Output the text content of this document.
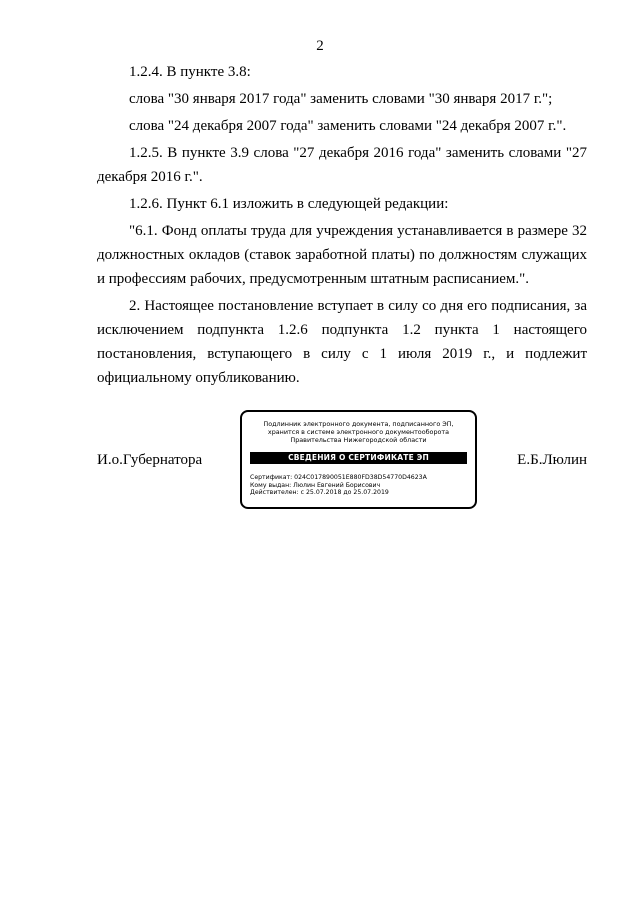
2

1.2.4. В пункте 3.8:

слова "30 января 2017 года" заменить словами "30 января 2017 г.";

слова "24 декабря 2007 года" заменить словами "24 декабря 2007 г.".

1.2.5. В пункте 3.9 слова "27 декабря 2016 года" заменить словами "27 декабря 2016 г.".

1.2.6. Пункт 6.1 изложить в следующей редакции:

"6.1. Фонд оплаты труда для учреждения устанавливается в размере 32 должностных окладов (ставок заработной платы) по должностям служащих и профессиям рабочих, предусмотренным штатным расписанием.".

2. Настоящее постановление вступает в силу со дня его подписания, за исключением подпункта 1.2.6 подпункта 1.2 пункта 1 настоящего постановления, вступающего в силу с 1 июля 2019 г., и подлежит официальному опубликованию.

И.о.Губернатора
Подлинник электронного документа, подписанного ЭП,
хранится в системе электронного документооборота
Правительства Нижегородской области
СВЕДЕНИЯ О СЕРТИФИКАТЕ ЭП
Сертификат: 024C017890051E880FD38D54770D4623A
Кому выдан: Люлин Евгений Борисович
Действителен: с 25.07.2018 до 25.07.2019
Е.Б.Люлин
